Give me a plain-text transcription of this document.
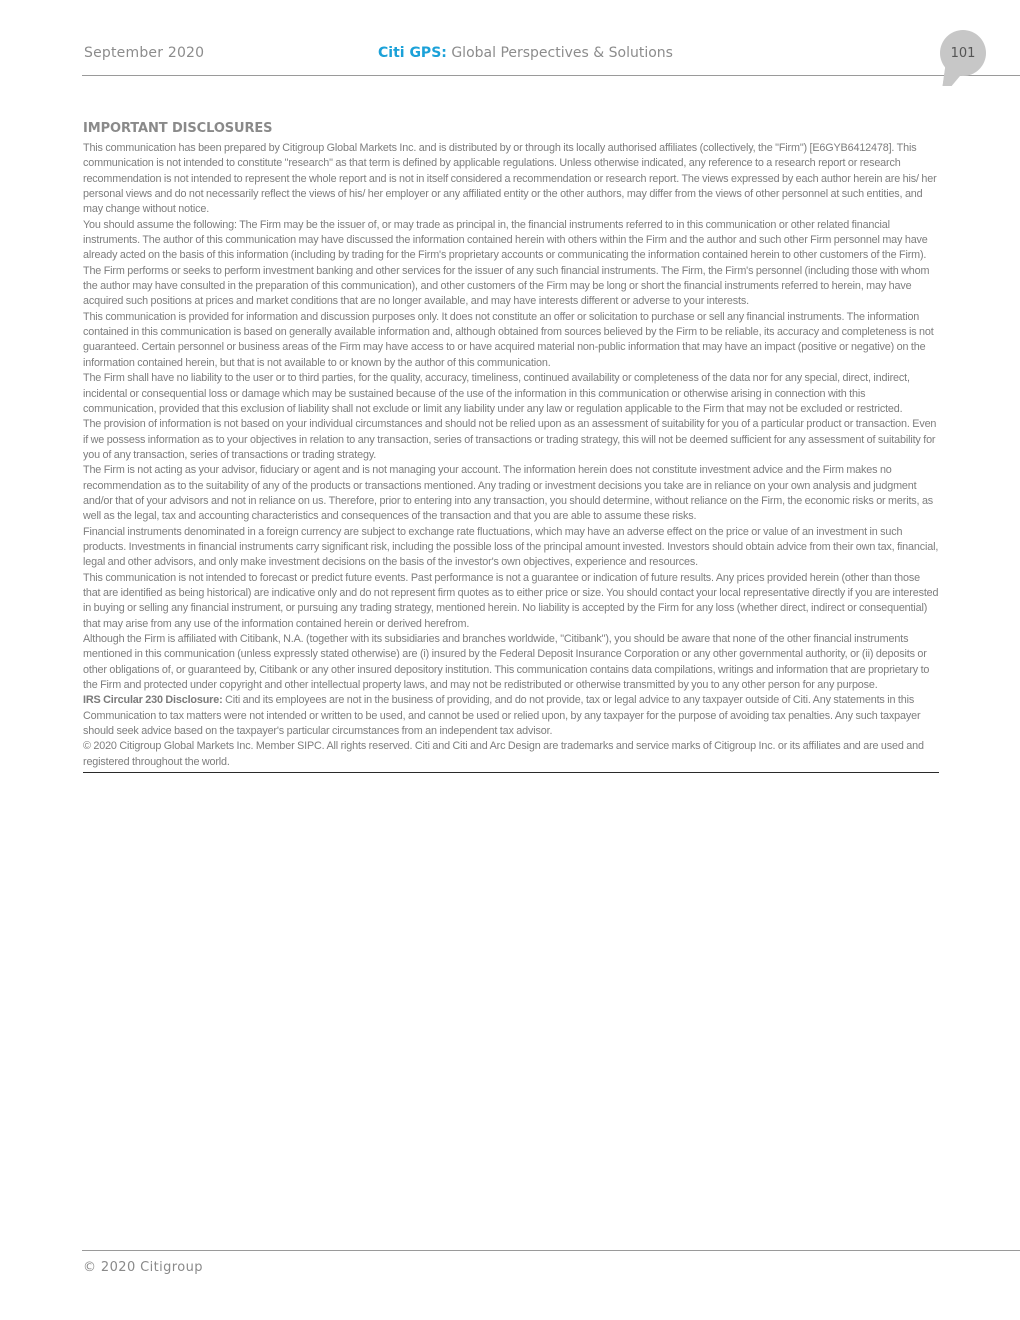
September 2020	Citi GPS: Global Perspectives & Solutions	101
IMPORTANT DISCLOSURES

This communication has been prepared by Citigroup Global Markets Inc. and is distributed by or through its locally authorised affiliates (collectively, the "Firm") [E6GYB6412478]. This communication is not intended to constitute "research" as that term is defined by applicable regulations. Unless otherwise indicated, any reference to a research report or research recommendation is not intended to represent the whole report and is not in itself considered a recommendation or research report. The views expressed by each author herein are his/ her personal views and do not necessarily reflect the views of his/ her employer or any affiliated entity or the other authors, may differ from the views of other personnel at such entities, and may change without notice.

You should assume the following: The Firm may be the issuer of, or may trade as principal in, the financial instruments referred to in this communication or other related financial instruments. The author of this communication may have discussed the information contained herein with others within the Firm and the author and such other Firm personnel may have already acted on the basis of this information (including by trading for the Firm's proprietary accounts or communicating the information contained herein to other customers of the Firm). The Firm performs or seeks to perform investment banking and other services for the issuer of any such financial instruments. The Firm, the Firm's personnel (including those with whom the author may have consulted in the preparation of this communication), and other customers of the Firm may be long or short the financial instruments referred to herein, may have acquired such positions at prices and market conditions that are no longer available, and may have interests different or adverse to your interests.

This communication is provided for information and discussion purposes only. It does not constitute an offer or solicitation to purchase or sell any financial instruments. The information contained in this communication is based on generally available information and, although obtained from sources believed by the Firm to be reliable, its accuracy and completeness is not guaranteed. Certain personnel or business areas of the Firm may have access to or have acquired material non-public information that may have an impact (positive or negative) on the information contained herein, but that is not available to or known by the author of this communication.

The Firm shall have no liability to the user or to third parties, for the quality, accuracy, timeliness, continued availability or completeness of the data nor for any special, direct, indirect, incidental or consequential loss or damage which may be sustained because of the use of the information in this communication or otherwise arising in connection with this communication, provided that this exclusion of liability shall not exclude or limit any liability under any law or regulation applicable to the Firm that may not be excluded or restricted.

The provision of information is not based on your individual circumstances and should not be relied upon as an assessment of suitability for you of a particular product or transaction. Even if we possess information as to your objectives in relation to any transaction, series of transactions or trading strategy, this will not be deemed sufficient for any assessment of suitability for you of any transaction, series of transactions or trading strategy.

The Firm is not acting as your advisor, fiduciary or agent and is not managing your account. The information herein does not constitute investment advice and the Firm makes no recommendation as to the suitability of any of the products or transactions mentioned. Any trading or investment decisions you take are in reliance on your own analysis and judgment and/or that of your advisors and not in reliance on us. Therefore, prior to entering into any transaction, you should determine, without reliance on the Firm, the economic risks or merits, as well as the legal, tax and accounting characteristics and consequences of the transaction and that you are able to assume these risks.

Financial instruments denominated in a foreign currency are subject to exchange rate fluctuations, which may have an adverse effect on the price or value of an investment in such products. Investments in financial instruments carry significant risk, including the possible loss of the principal amount invested. Investors should obtain advice from their own tax, financial, legal and other advisors, and only make investment decisions on the basis of the investor's own objectives, experience and resources.

This communication is not intended to forecast or predict future events. Past performance is not a guarantee or indication of future results. Any prices provided herein (other than those that are identified as being historical) are indicative only and do not represent firm quotes as to either price or size. You should contact your local representative directly if you are interested in buying or selling any financial instrument, or pursuing any trading strategy, mentioned herein. No liability is accepted by the Firm for any loss (whether direct, indirect or consequential) that may arise from any use of the information contained herein or derived herefrom.

Although the Firm is affiliated with Citibank, N.A. (together with its subsidiaries and branches worldwide, "Citibank"), you should be aware that none of the other financial instruments mentioned in this communication (unless expressly stated otherwise) are (i) insured by the Federal Deposit Insurance Corporation or any other governmental authority, or (ii) deposits or other obligations of, or guaranteed by, Citibank or any other insured depository institution. This communication contains data compilations, writings and information that are proprietary to the Firm and protected under copyright and other intellectual property laws, and may not be redistributed or otherwise transmitted by you to any other person for any purpose.

IRS Circular 230 Disclosure: Citi and its employees are not in the business of providing, and do not provide, tax or legal advice to any taxpayer outside of Citi. Any statements in this Communication to tax matters were not intended or written to be used, and cannot be used or relied upon, by any taxpayer for the purpose of avoiding tax penalties. Any such taxpayer should seek advice based on the taxpayer's particular circumstances from an independent tax advisor.

© 2020 Citigroup Global Markets Inc. Member SIPC. All rights reserved. Citi and Citi and Arc Design are trademarks and service marks of Citigroup Inc. or its affiliates and are used and registered throughout the world.

© 2020 Citigroup
